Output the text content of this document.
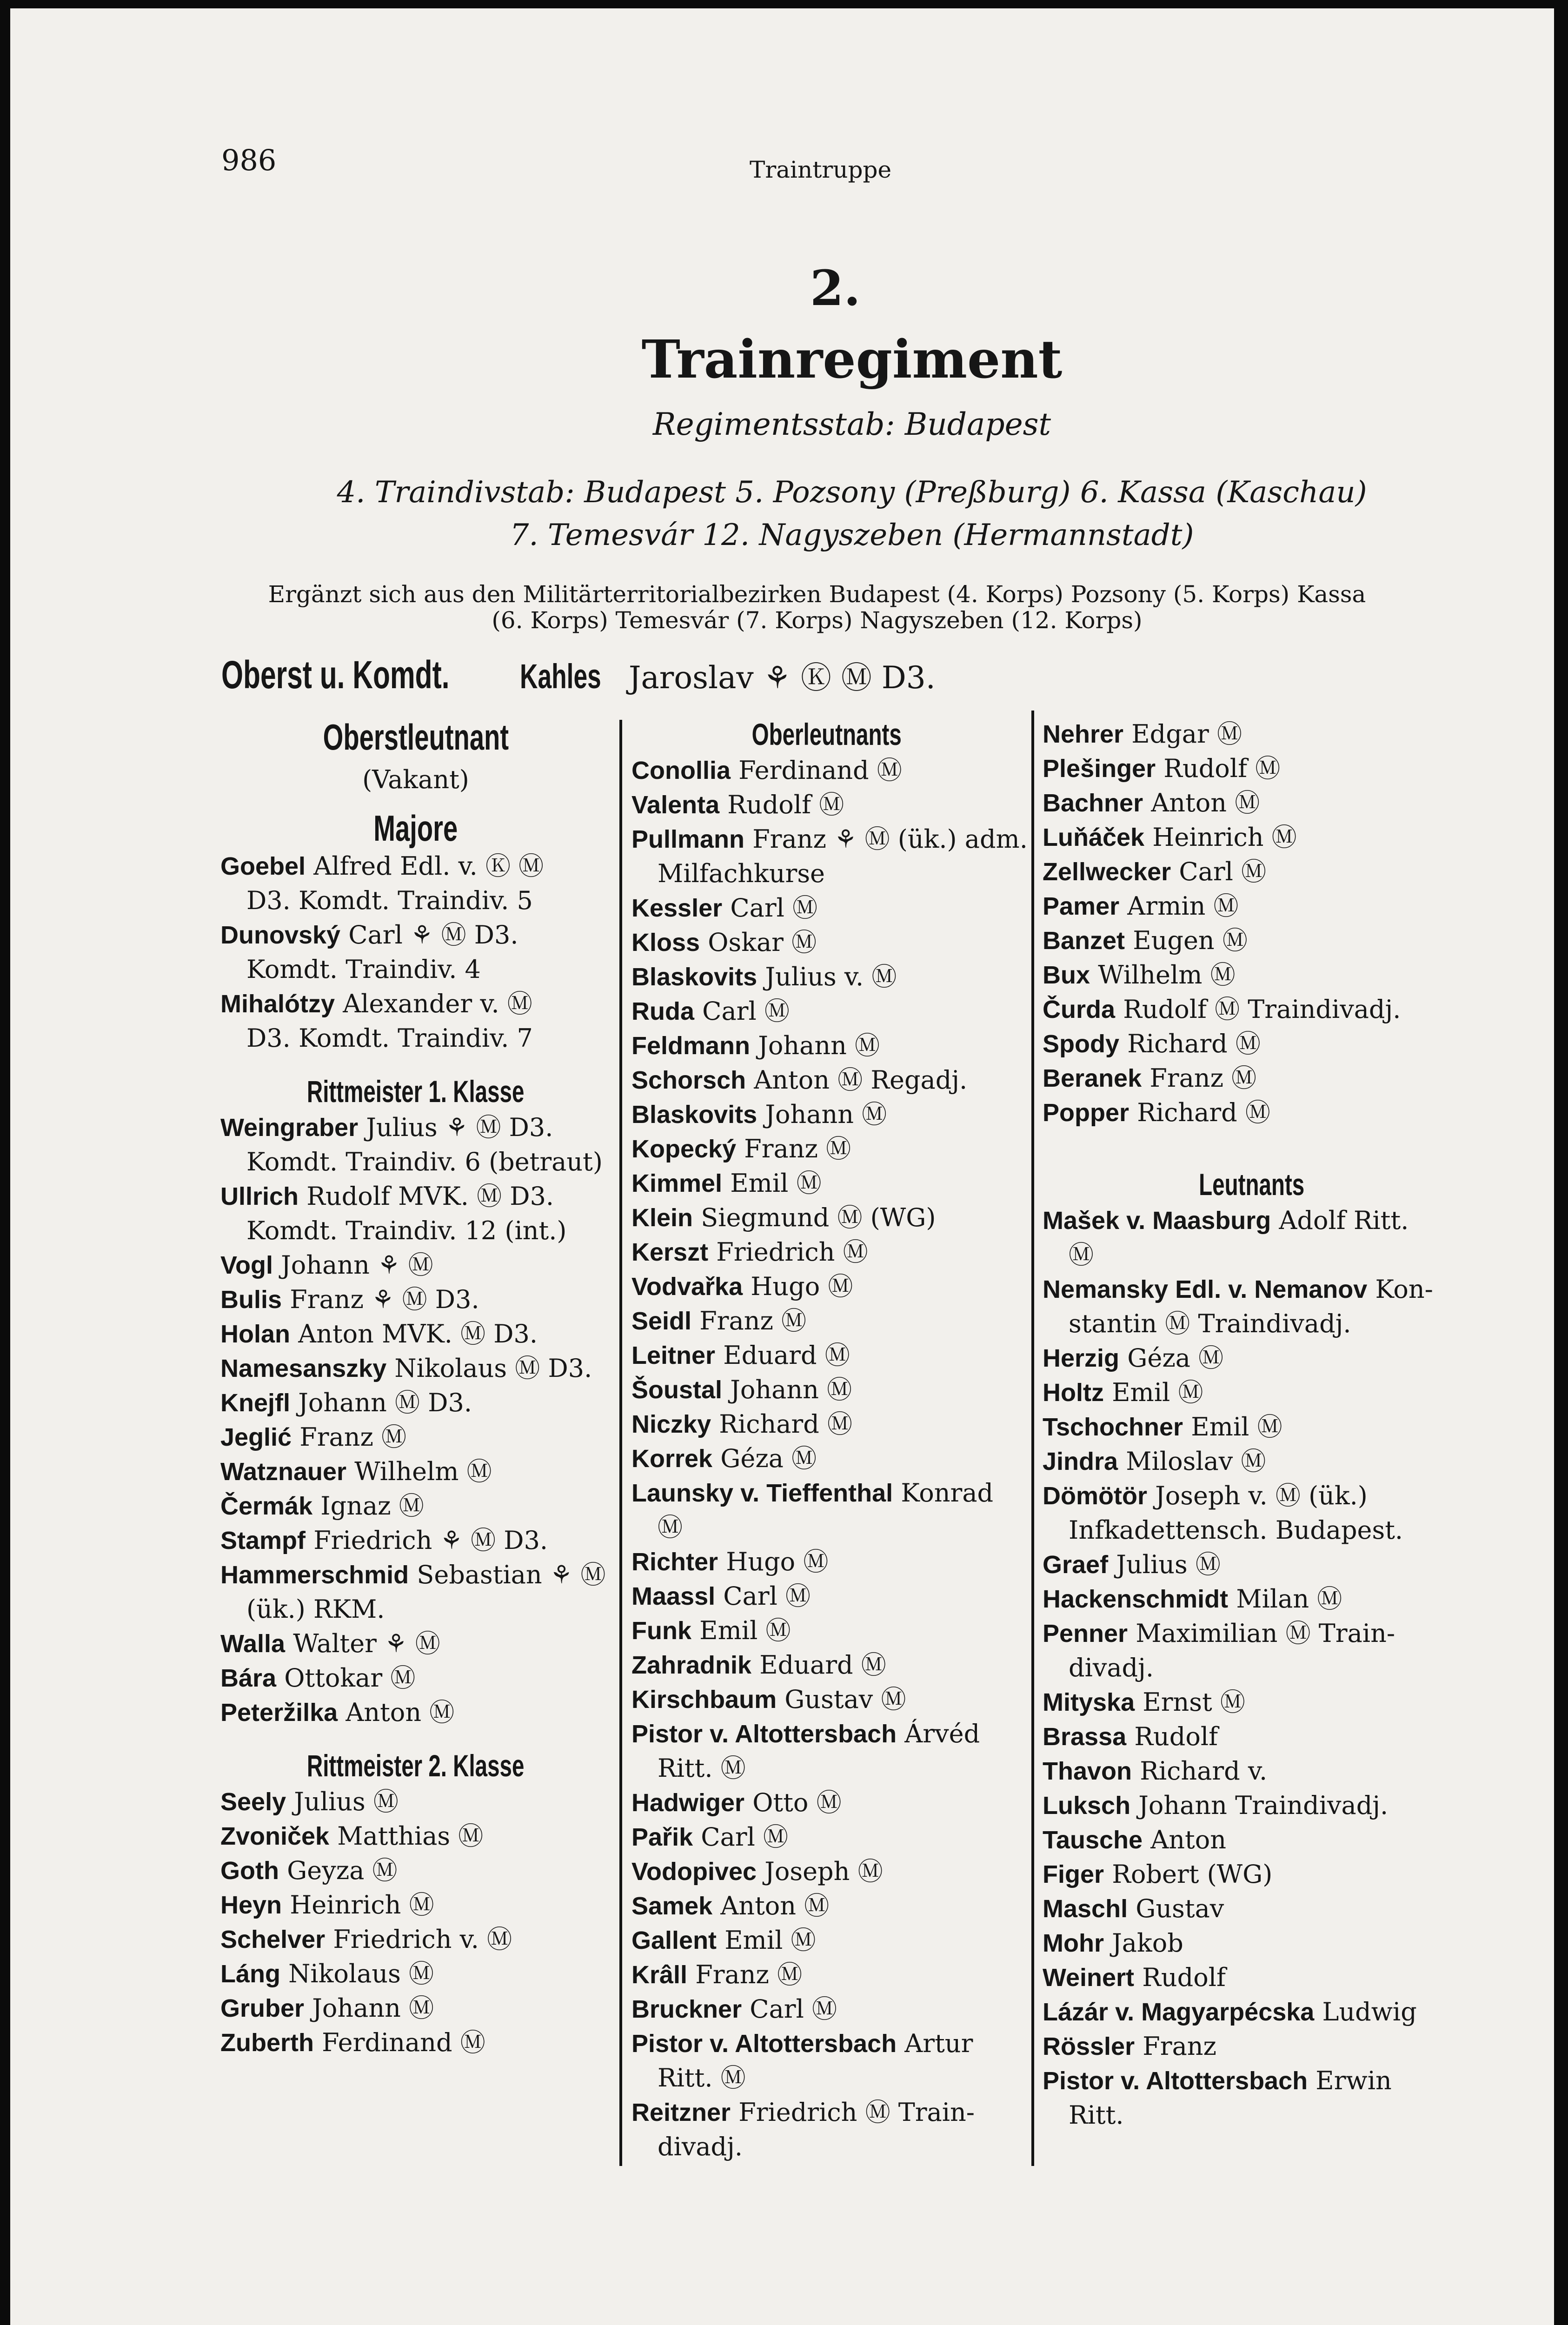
986	Traintruppe
2.
Trainregiment
Regimentsstab: Budapest
4. Traindivstab: Budapest 5. Pozsony (Preßburg) 6. Kassa (Kaschau)
7. Temesvár 12. Nagyszeben (Hermannstadt)
Ergänzt sich aus den Militärterritorialbezirken Budapest (4. Korps) Pozsony (5. Korps) Kassa
(6. Korps) Temesvár (7. Korps) Nagyszeben (12. Korps)
Oberst u. Komdt. Kahles Jaroslav ⚘ Ⓚ Ⓜ D3.
Oberstleutnant
(Vakant)
Majore
Goebel Alfred Edl. v. Ⓚ Ⓜ
D3. Komdt. Traindiv. 5
Dunovský Carl ⚘ Ⓜ D3.
Komdt. Traindiv. 4
Mihalótzy Alexander v. Ⓜ
D3. Komdt. Traindiv. 7
Rittmeister 1. Klasse
Weingraber Julius ⚘ Ⓜ D3.
Komdt. Traindiv. 6 (betraut)
Ullrich Rudolf MVK. Ⓜ D3.
Komdt. Traindiv. 12 (int.)
Vogl Johann ⚘ Ⓜ
Bulis Franz ⚘ Ⓜ D3.
Holan Anton MVK. Ⓜ D3.
Namesanszky Nikolaus Ⓜ D3.
Knejfl Johann Ⓜ D3.
Jeglić Franz Ⓜ
Watznauer Wilhelm Ⓜ
Čermák Ignaz Ⓜ
Stampf Friedrich ⚘ Ⓜ D3.
Hammerschmid Sebastian ⚘ Ⓜ
(ük.) RKM.
Walla Walter ⚘ Ⓜ
Bára Ottokar Ⓜ
Peteržilka Anton Ⓜ
Rittmeister 2. Klasse
Seely Julius Ⓜ
Zvoniček Matthias Ⓜ
Goth Geyza Ⓜ
Heyn Heinrich Ⓜ
Schelver Friedrich v. Ⓜ
Láng Nikolaus Ⓜ
Gruber Johann Ⓜ
Zuberth Ferdinand Ⓜ
Oberleutnants
Conollia Ferdinand Ⓜ
Valenta Rudolf Ⓜ
Pullmann Franz ⚘ Ⓜ (ük.) adm.
Milfachkurse
Kessler Carl Ⓜ
Kloss Oskar Ⓜ
Blaskovits Julius v. Ⓜ
Ruda Carl Ⓜ
Feldmann Johann Ⓜ
Schorsch Anton Ⓜ Regadj.
Blaskovits Johann Ⓜ
Kopecký Franz Ⓜ
Kimmel Emil Ⓜ
Klein Siegmund Ⓜ (WG)
Kerszt Friedrich Ⓜ
Vodvařka Hugo Ⓜ
Seidl Franz Ⓜ
Leitner Eduard Ⓜ
Šoustal Johann Ⓜ
Niczky Richard Ⓜ
Korrek Géza Ⓜ
Launsky v. Tieffenthal Konrad
Ⓜ
Richter Hugo Ⓜ
Maassl Carl Ⓜ
Funk Emil Ⓜ
Zahradnik Eduard Ⓜ
Kirschbaum Gustav Ⓜ
Pistor v. Altottersbach Árvéd
Ritt. Ⓜ
Hadwiger Otto Ⓜ
Pařik Carl Ⓜ
Vodopivec Joseph Ⓜ
Samek Anton Ⓜ
Gallent Emil Ⓜ
Krâll Franz Ⓜ
Bruckner Carl Ⓜ
Pistor v. Altottersbach Artur
Ritt. Ⓜ
Reitzner Friedrich Ⓜ Train-
divadj.
Nehrer Edgar Ⓜ
Plešinger Rudolf Ⓜ
Bachner Anton Ⓜ
Luňáček Heinrich Ⓜ
Zellwecker Carl Ⓜ
Pamer Armin Ⓜ
Banzet Eugen Ⓜ
Bux Wilhelm Ⓜ
Čurda Rudolf Ⓜ Traindivadj.
Spody Richard Ⓜ
Beranek Franz Ⓜ
Popper Richard Ⓜ
Leutnants
Mašek v. Maasburg Adolf Ritt.
Ⓜ
Nemansky Edl. v. Nemanov Kon-
stantin Ⓜ Traindivadj.
Herzig Géza Ⓜ
Holtz Emil Ⓜ
Tschochner Emil Ⓜ
Jindra Miloslav Ⓜ
Dömötör Joseph v. Ⓜ (ük.)
Infkadettensch. Budapest.
Graef Julius Ⓜ
Hackenschmidt Milan Ⓜ
Penner Maximilian Ⓜ Train-
divadj.
Mityska Ernst Ⓜ
Brassa Rudolf
Thavon Richard v.
Luksch Johann Traindivadj.
Tausche Anton
Figer Robert (WG)
Maschl Gustav
Mohr Jakob
Weinert Rudolf
Lázár v. Magyarpécska Ludwig
Rössler Franz
Pistor v. Altottersbach Erwin
Ritt.
